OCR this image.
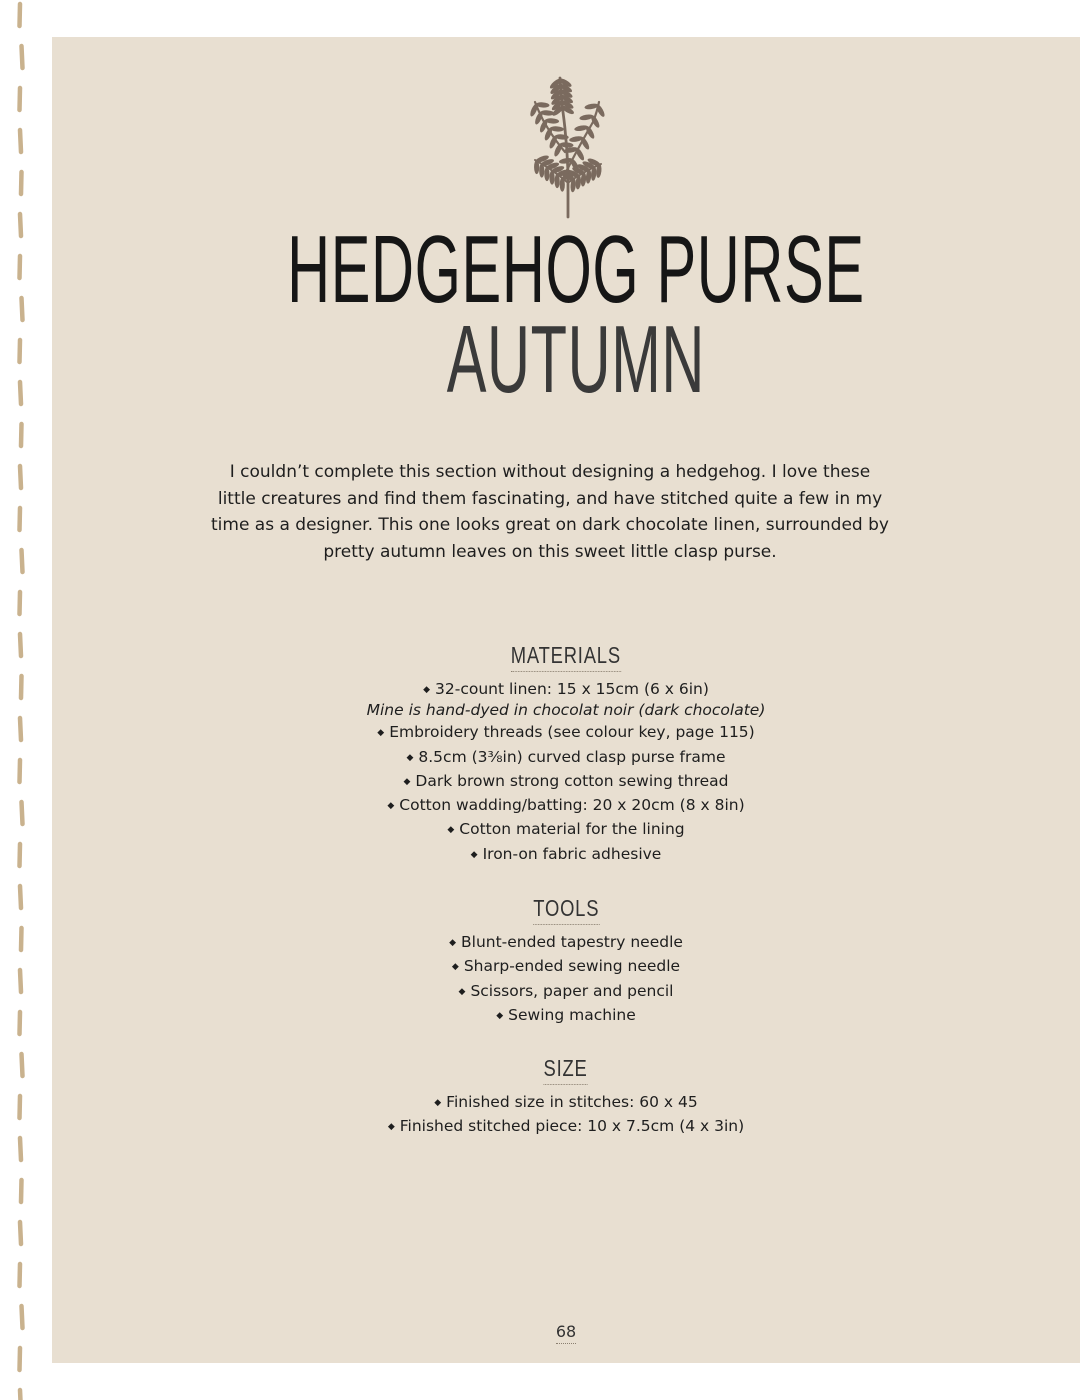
HEDGEHOG PURSE
AUTUMN

I couldn’t complete this section without designing a hedgehog. I love these little creatures and find them fascinating, and have stitched quite a few in my time as a designer. This one looks great on dark chocolate linen, surrounded by pretty autumn leaves on this sweet little clasp purse.

MATERIALS
◆ 32-count linen: 15 x 15cm (6 x 6in)
Mine is hand-dyed in chocolat noir (dark chocolate)
◆ Embroidery threads (see colour key, page 115)
◆ 8.5cm (3⅜in) curved clasp purse frame
◆ Dark brown strong cotton sewing thread
◆ Cotton wadding/batting: 20 x 20cm (8 x 8in)
◆ Cotton material for the lining
◆ Iron-on fabric adhesive
TOOLS
◆ Blunt-ended tapestry needle
◆ Sharp-ended sewing needle
◆ Scissors, paper and pencil
◆ Sewing machine
SIZE
◆ Finished size in stitches: 60 x 45
◆ Finished stitched piece: 10 x 7.5cm (4 x 3in)
68
